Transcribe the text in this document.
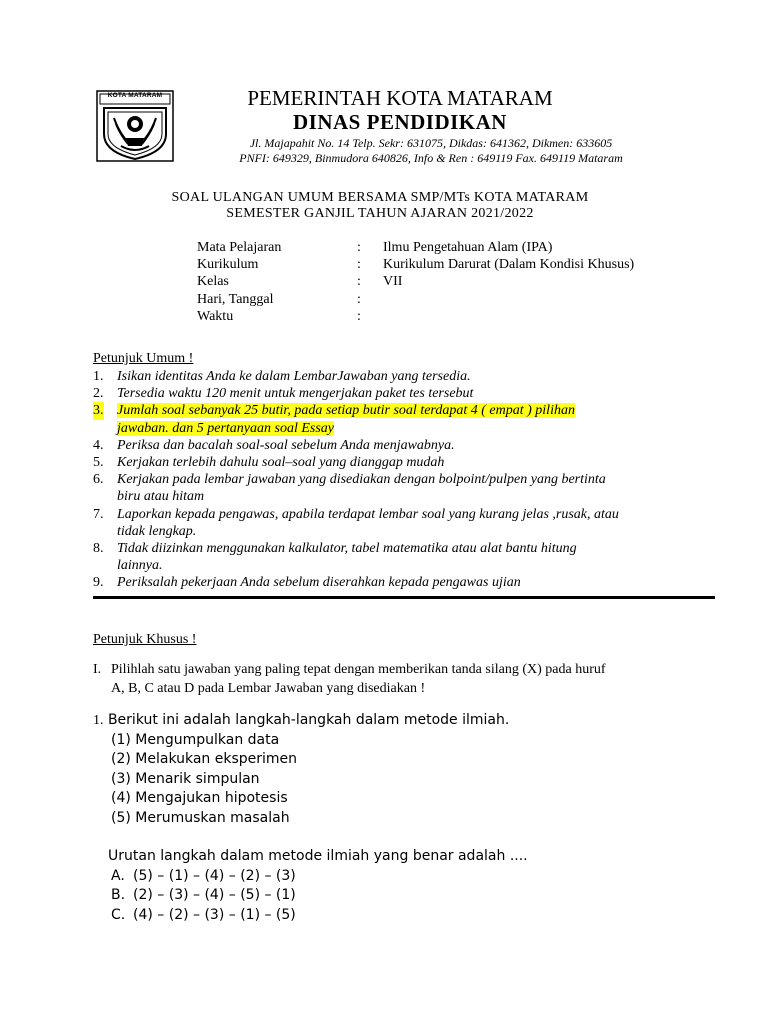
KOTA MATARAM	PEMERINTAH KOTA MATARAM
DINAS PENDIDIKAN
Jl. Majapahit No. 14 Telp. Sekr: 631075, Dikdas: 641362, Dikmen: 633605
PNFI: 649329, Binmudora 640826, Info & Ren : 649119 Fax. 649119 Mataram
SOAL ULANGAN UMUM BERSAMA SMP/MTs KOTA MATARAM
SEMESTER GANJIL TAHUN AJARAN 2021/2022
Mata Pelajaran	: Ilmu Pengetahuan Alam (IPA)
Kurikulum	: Kurikulum Darurat (Dalam Kondisi Khusus)
Kelas	: VII
Hari, Tanggal	:
Waktu	:
Petunjuk Umum !
1. Isikan identitas Anda ke dalam LembarJawaban yang tersedia.
2. Tersedia waktu 120 menit untuk mengerjakan paket tes tersebut
3. Jumlah soal sebanyak 25 butir, pada setiap butir soal terdapat 4 ( empat ) pilihan
jawaban. dan 5 pertanyaan soal Essay
4. Periksa dan bacalah soal-soal sebelum Anda menjawabnya.
5. Kerjakan terlebih dahulu soal–soal yang dianggap mudah
6. Kerjakan pada lembar jawaban yang disediakan dengan bolpoint/pulpen yang bertinta
biru atau hitam
7. Laporkan kepada pengawas, apabila terdapat lembar soal yang kurang jelas ,rusak, atau
tidak lengkap.
8. Tidak diizinkan menggunakan kalkulator, tabel matematika atau alat bantu hitung
lainnya.
9. Periksalah pekerjaan Anda sebelum diserahkan kepada pengawas ujian
Petunjuk Khusus !
I. Pilihlah satu jawaban yang paling tepat dengan memberikan tanda silang (X) pada huruf
A, B, C atau D pada Lembar Jawaban yang disediakan !
1. Berikut ini adalah langkah-langkah dalam metode ilmiah.
(1) Mengumpulkan data
(2) Melakukan eksperimen
(3) Menarik simpulan
(4) Mengajukan hipotesis
(5) Merumuskan masalah
Urutan langkah dalam metode ilmiah yang benar adalah ....
A. (5) – (1) – (4) – (2) – (3)
B. (2) – (3) – (4) – (5) – (1)
C. (4) – (2) – (3) – (1) – (5)
